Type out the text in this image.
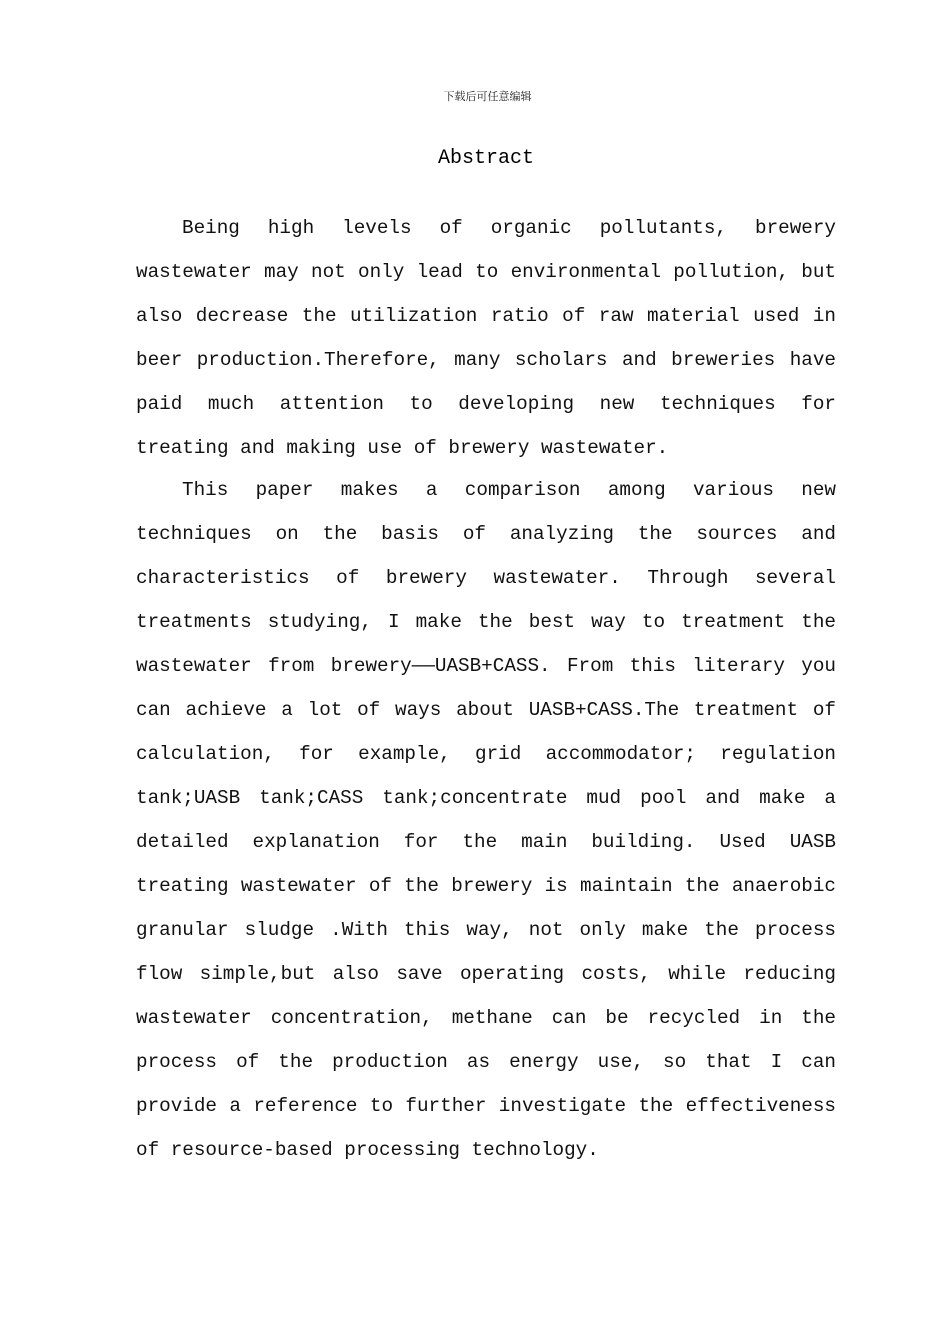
下载后可任意编辑
Abstract

Being high levels of organic pollutants, brewery wastewater may not only lead to environmental pollution, but also decrease the utilization ratio of raw material used in beer production.Therefore, many scholars and breweries have paid much attention to developing new techniques for treating and making use of brewery wastewater.

This paper makes a comparison among various new techniques on the basis of analyzing the sources and characteristics of brewery wastewater. Through several treatments studying, I make the best way to treatment the wastewater from brewery——UASB+CASS. From this literary you can achieve a lot of ways about UASB+CASS.The treatment of calculation, for example, grid accommodator; regulation tank;UASB tank;CASS tank;concentrate mud pool and make a detailed explanation for the main building. Used UASB treating wastewater of the brewery is maintain the anaerobic granular sludge .With this way, not only make the process flow simple,but also save operating costs, while reducing wastewater concentration, methane can be recycled in the process of the production as energy use, so that I can provide a reference to further investigate the effectiveness of resource-based processing technology.
